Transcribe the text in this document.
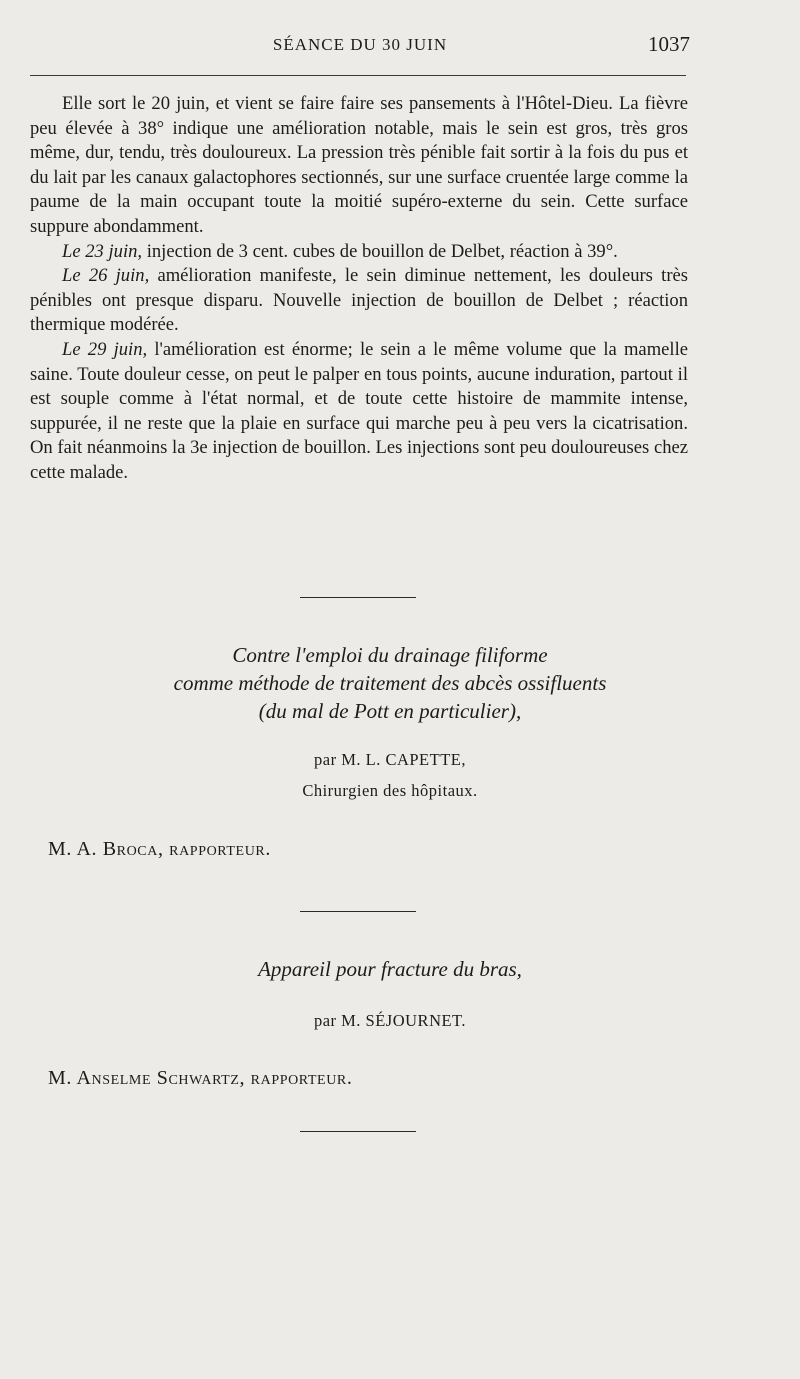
SÉANCE DU 30 JUIN	1037

Elle sort le 20 juin, et vient se faire faire ses pansements à l'Hôtel-Dieu. La fièvre peu élevée à 38° indique une amélioration notable, mais le sein est gros, très gros même, dur, tendu, très douloureux. La pression très pénible fait sortir à la fois du pus et du lait par les canaux galactophores sectionnés, sur une surface cruentée large comme la paume de la main occupant toute la moitié supéro-externe du sein. Cette surface suppure abondamment.

Le 23 juin, injection de 3 cent. cubes de bouillon de Delbet, réaction à 39°.

Le 26 juin, amélioration manifeste, le sein diminue nettement, les douleurs très pénibles ont presque disparu. Nouvelle injection de bouillon de Delbet ; réaction thermique modérée.

Le 29 juin, l'amélioration est énorme; le sein a le même volume que la mamelle saine. Toute douleur cesse, on peut le palper en tous points, aucune induration, partout il est souple comme à l'état normal, et de toute cette histoire de mammite intense, suppurée, il ne reste que la plaie en surface qui marche peu à peu vers la cicatrisation. On fait néanmoins la 3e injection de bouillon. Les injections sont peu douloureuses chez cette malade.

Contre l'emploi du drainage filiforme
comme méthode de traitement des abcès ossifluents
(du mal de Pott en particulier),
par M. L. CAPETTE,
Chirurgien des hôpitaux.
M. A. Broca, rapporteur.
Appareil pour fracture du bras,
par M. SÉJOURNET.
M. Anselme Schwartz, rapporteur.
